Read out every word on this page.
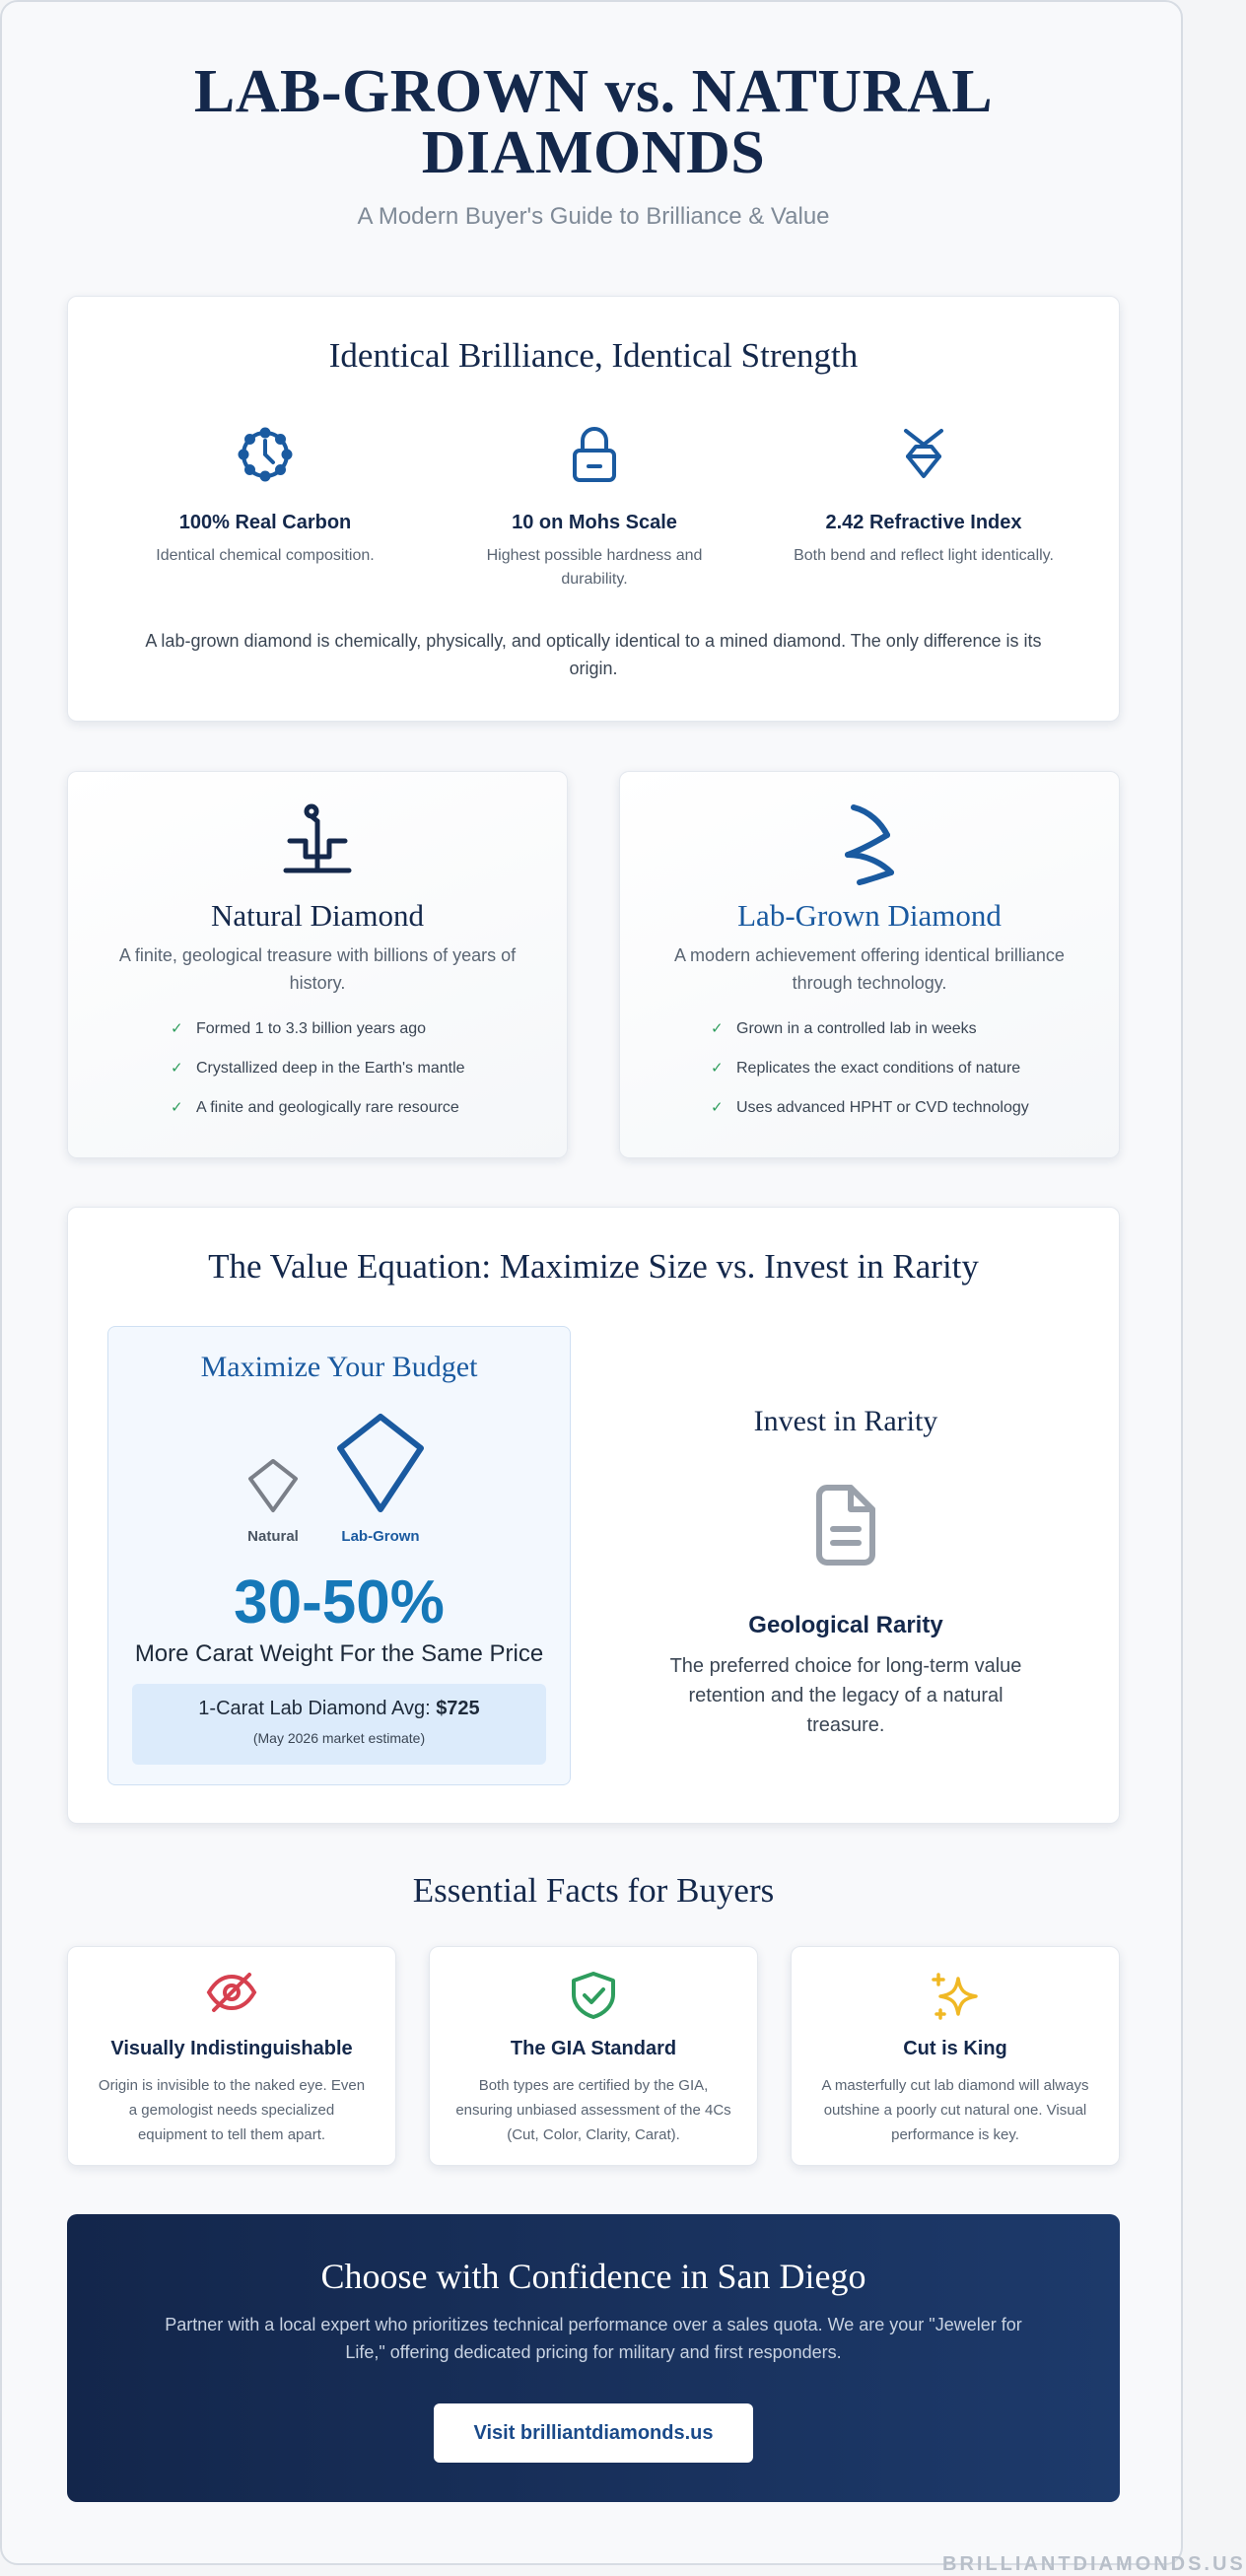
LAB-GROWN vs. NATURAL
DIAMONDS
A Modern Buyer's Guide to Brilliance & Value
Identical Brilliance, Identical Strength
100% Real Carbon
Identical chemical composition.
10 on Mohs Scale
Highest possible hardness and durability.
2.42 Refractive Index
Both bend and reflect light identically.
A lab-grown diamond is chemically, physically, and optically identical to a mined diamond. The only difference is its origin.
Natural Diamond
A finite, geological treasure with billions of years of history.
✓ Formed 1 to 3.3 billion years ago
✓ Crystallized deep in the Earth's mantle
✓ A finite and geologically rare resource
Lab-Grown Diamond
A modern achievement offering identical brilliance through technology.
✓ Grown in a controlled lab in weeks
✓ Replicates the exact conditions of nature
✓ Uses advanced HPHT or CVD technology
The Value Equation: Maximize Size vs. Invest in Rarity
Maximize Your Budget
Natural	Lab-Grown
30-50%
More Carat Weight For the Same Price
1-Carat Lab Diamond Avg: $725
(May 2026 market estimate)
Invest in Rarity
Geological Rarity
The preferred choice for long-term value retention and the legacy of a natural treasure.
Essential Facts for Buyers
Visually Indistinguishable
Origin is invisible to the naked eye. Even a gemologist needs specialized equipment to tell them apart.
The GIA Standard
Both types are certified by the GIA, ensuring unbiased assessment of the 4Cs (Cut, Color, Clarity, Carat).
Cut is King
A masterfully cut lab diamond will always outshine a poorly cut natural one. Visual performance is key.
Choose with Confidence in San Diego
Partner with a local expert who prioritizes technical performance over a sales quota. We are your "Jeweler for Life," offering dedicated pricing for military and first responders.
Visit brilliantdiamonds.us
BRILLIANTDIAMONDS.US
